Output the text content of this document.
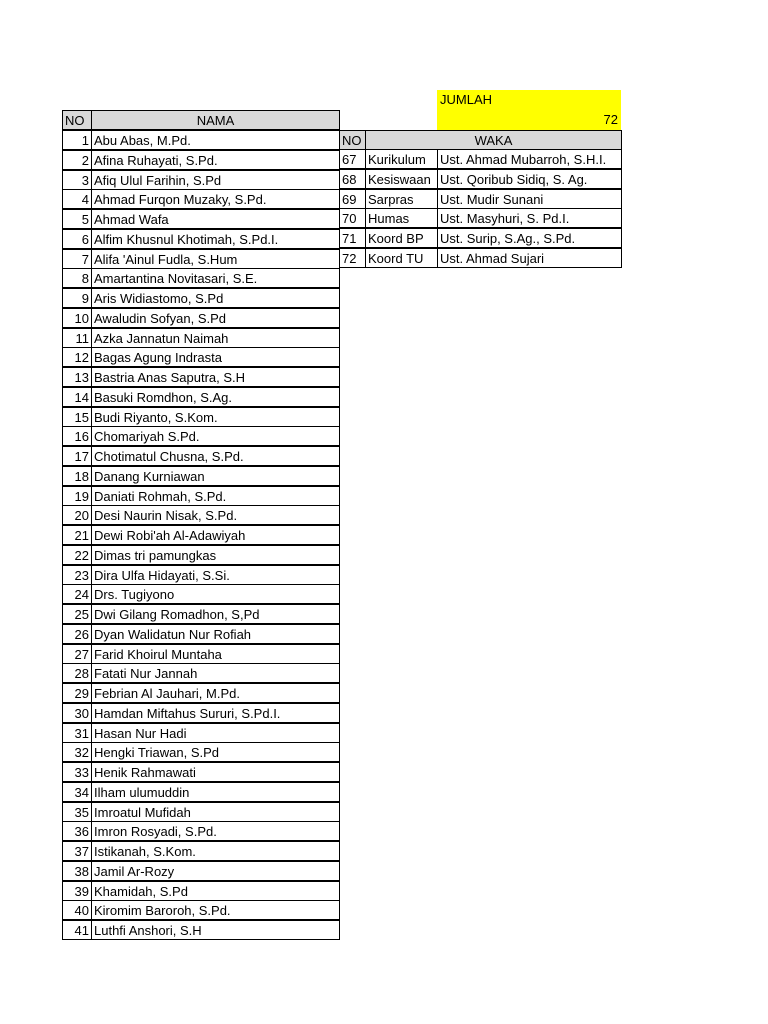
JUMLAH
72
NO	NAMA
1 Abu Abas, M.Pd.
2 Afina Ruhayati, S.Pd.
3 Afiq Ulul Farihin, S.Pd
4 Ahmad Furqon Muzaky, S.Pd.
5 Ahmad Wafa
6 Alfim Khusnul Khotimah, S.Pd.I.
7 Alifa 'Ainul Fudla, S.Hum
8 Amartantina Novitasari, S.E.
9 Aris Widiastomo, S.Pd
10 Awaludin Sofyan, S.Pd
11 Azka Jannatun Naimah
12 Bagas Agung Indrasta
13 Bastria Anas Saputra, S.H
14 Basuki Romdhon, S.Ag.
15 Budi Riyanto, S.Kom.
16 Chomariyah S.Pd.
17 Chotimatul Chusna, S.Pd.
18 Danang Kurniawan
19 Daniati Rohmah, S.Pd.
20 Desi Naurin Nisak, S.Pd.
21 Dewi Robi'ah Al-Adawiyah
22 Dimas tri pamungkas
23 Dira Ulfa Hidayati, S.Si.
24 Drs. Tugiyono
25 Dwi Gilang Romadhon, S,Pd
26 Dyan Walidatun Nur Rofiah
27 Farid Khoirul Muntaha
28 Fatati Nur Jannah
29 Febrian Al Jauhari, M.Pd.
30 Hamdan Miftahus Sururi, S.Pd.I.
31 Hasan Nur Hadi
32 Hengki Triawan, S.Pd
33 Henik Rahmawati
34 Ilham ulumuddin
35 Imroatul Mufidah
36 Imron Rosyadi, S.Pd.
37 Istikanah, S.Kom.
38 Jamil Ar-Rozy
39 Khamidah, S.Pd
40 Kiromim Baroroh, S.Pd.
41 Luthfi Anshori, S.H
NO	WAKA
67 Kurikulum	Ust. Ahmad Mubarroh, S.H.I.
68 Kesiswaan Ust. Qoribub Sidiq, S. Ag.
69 Sarpras	Ust. Mudir Sunani
70 Humas	Ust. Masyhuri, S. Pd.I.
71 Koord BP	Ust. Surip, S.Ag., S.Pd.
72 Koord TU	Ust. Ahmad Sujari
